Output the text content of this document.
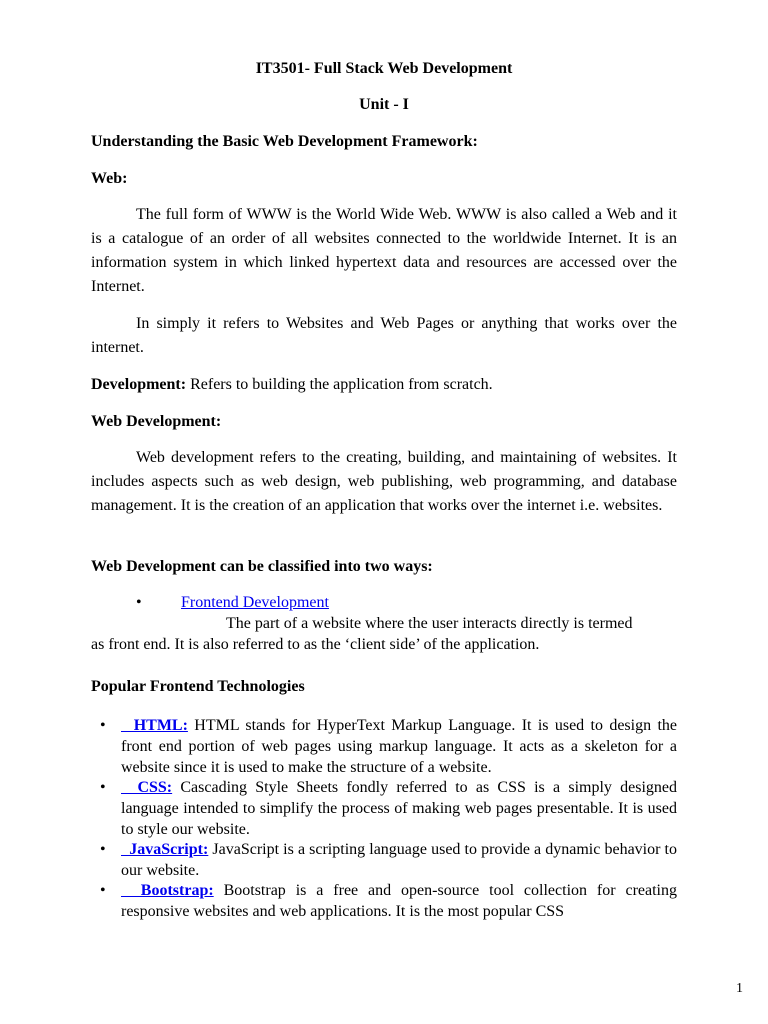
IT3501- Full Stack Web Development
Unit - I
Understanding the Basic Web Development Framework:
Web:
The full form of WWW is the World Wide Web. WWW is also called a Web and it is a catalogue of an order of all websites connected to the worldwide Internet. It is an information system in which linked hypertext data and resources are accessed over the Internet.
In simply it refers to Websites and Web Pages or anything that works over the internet.
Development: Refers to building the application from scratch.
Web Development:
Web development refers to the creating, building, and maintaining of websites. It includes aspects such as web design, web publishing, web programming, and database management. It is the creation of an application that works over the internet i.e. websites.
Web Development can be classified into two ways:
• Frontend Development
The part of a website where the user interacts directly is termed
as front end. It is also referred to as the ‘client side’ of the application.
Popular Frontend Technologies
• HTML: HTML stands for HyperText Markup Language. It is used to design the front end portion of web pages using markup language. It acts as a skeleton for a website since it is used to make the structure of a website.
• CSS: Cascading Style Sheets fondly referred to as CSS is a simply designed language intended to simplify the process of making web pages presentable. It is used to style our website.
• JavaScript: JavaScript is a scripting language used to provide a dynamic behavior to our website.
• Bootstrap: Bootstrap is a free and open-source tool collection for creating responsive websites and web applications. It is the most popular CSS
1
